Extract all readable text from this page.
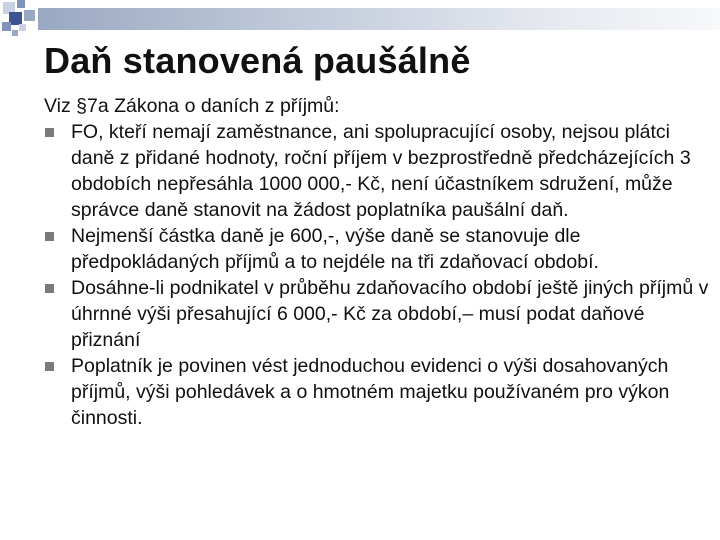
Daň stanovená paušálně

Viz §7a Zákona o daních z příjmů:

FO, kteří nemají zaměstnance, ani spolupracující osoby, nejsou plátci daně z přidané hodnoty, roční příjem v bezprostředně předcházejících 3 obdobích nepřesáhla 1000 000,- Kč, není účastníkem sdružení, může správce daně stanovit na žádost poplatníka paušální daň.
Nejmenší částka daně je 600,-, výše daně se stanovuje dle předpokládaných příjmů a to nejdéle na tři zdaňovací období.
Dosáhne-li podnikatel v průběhu zdaňovacího období ještě jiných příjmů v úhrnné výši přesahující 6 000,- Kč za období,– musí podat daňové přiznání
Poplatník je povinen vést jednoduchou evidenci o výši dosahovaných příjmů, výši pohledávek a o hmotném majetku používaném pro výkon činnosti.
